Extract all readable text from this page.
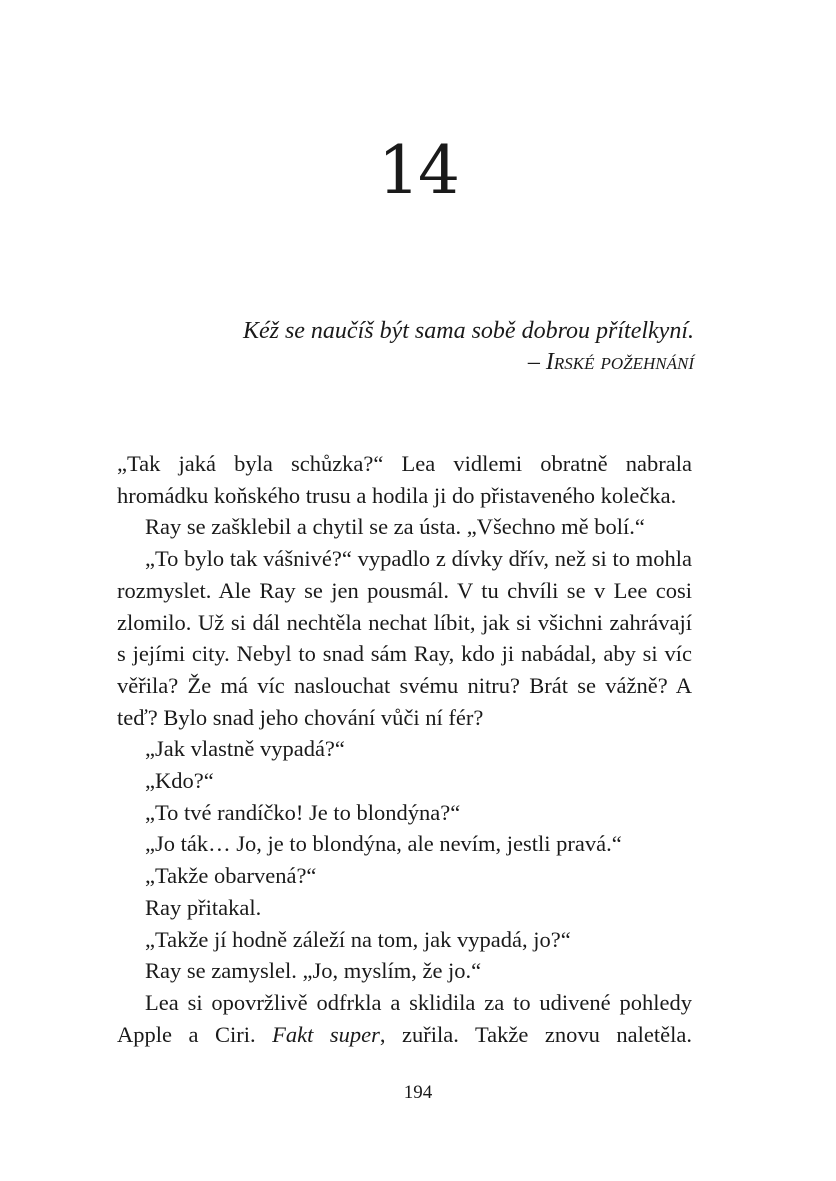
14
Kéž se naučíš být sama sobě dobrou přítelkyní.
– Irské požehnání

„Tak jaká byla schůzka?“ Lea vidlemi obratně nabrala hromádku koňského trusu a hodila ji do přistaveného kolečka.

Ray se zašklebil a chytil se za ústa. „Všechno mě bolí.“

„To bylo tak vášnivé?“ vypadlo z dívky dřív, než si to mohla rozmyslet. Ale Ray se jen pousmál. V tu chvíli se v Lee cosi zlomilo. Už si dál nechtěla nechat líbit, jak si všichni zahrávají s jejími city. Nebyl to snad sám Ray, kdo ji nabádal, aby si víc věřila? Že má víc naslouchat svému nitru? Brát se vážně? A teď? Bylo snad jeho chování vůči ní fér?

„Jak vlastně vypadá?“

„Kdo?“

„To tvé randíčko! Je to blondýna?“

„Jo ták… Jo, je to blondýna, ale nevím, jestli pravá.“

„Takže obarvená?“

Ray přitakal.

„Takže jí hodně záleží na tom, jak vypadá, jo?“

Ray se zamyslel. „Jo, myslím, že jo.“

Lea si opovržlivě odfrkla a sklidila za to udivené pohledy Apple a Ciri. Fakt super, zuřila. Takže znovu naletěla.

194
